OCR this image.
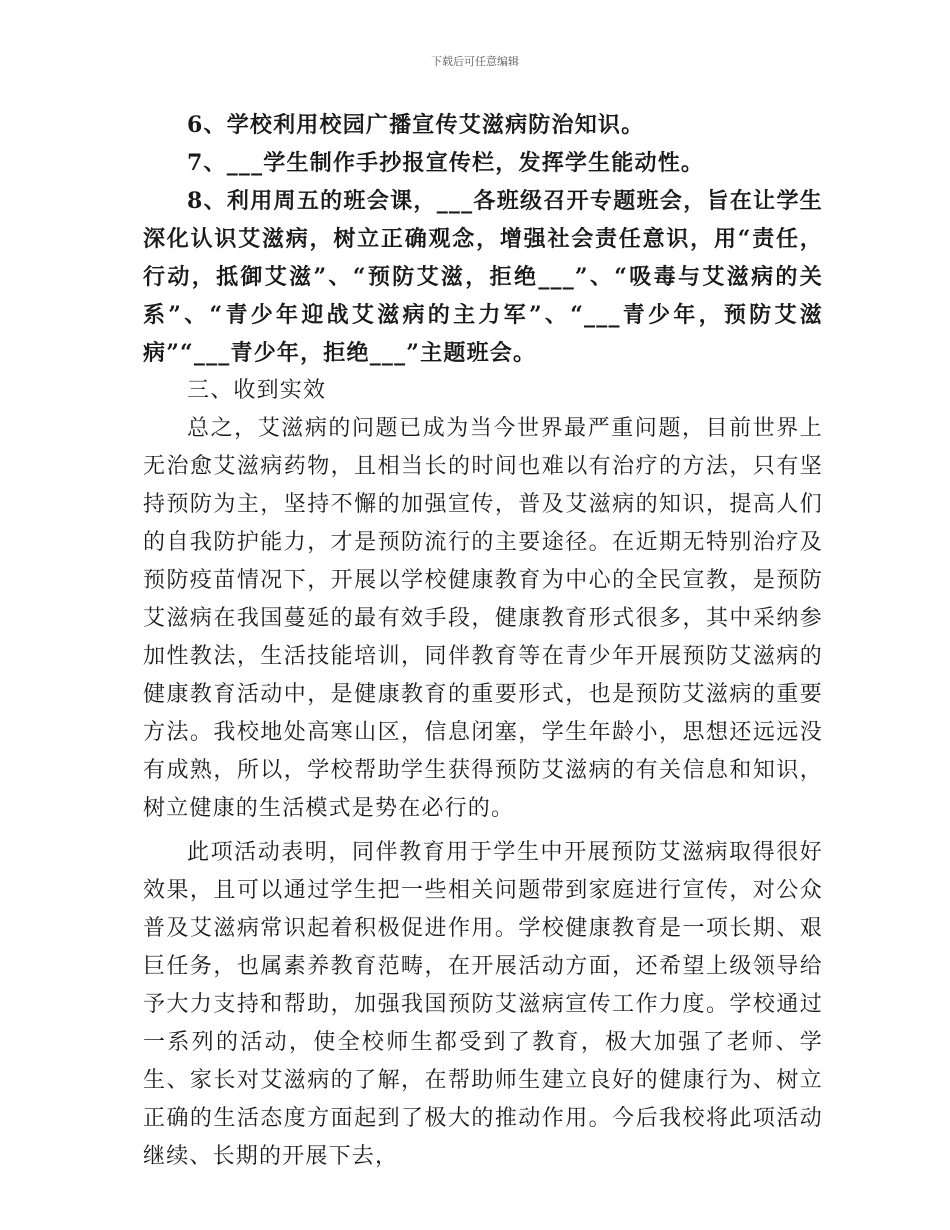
下载后可任意编辑

6、学校利用校园广播宣传艾滋病防治知识。

7、___学生制作手抄报宣传栏，发挥学生能动性。

8、利用周五的班会课，___各班级召开专题班会，旨在让学生深化认识艾滋病，树立正确观念，增强社会责任意识，用“责任，行动，抵御艾滋”、“预防艾滋，拒绝___”、“吸毒与艾滋病的关系”、“青少年迎战艾滋病的主力军”、“___青少年，预防艾滋病”“___青少年，拒绝___”主题班会。

三、收到实效

总之，艾滋病的问题已成为当今世界最严重问题，目前世界上无治愈艾滋病药物，且相当长的时间也难以有治疗的方法，只有坚持预防为主，坚持不懈的加强宣传，普及艾滋病的知识，提高人们的自我防护能力，才是预防流行的主要途径。在近期无特别治疗及预防疫苗情况下，开展以学校健康教育为中心的全民宣教，是预防艾滋病在我国蔓延的最有效手段，健康教育形式很多，其中采纳参加性教法，生活技能培训，同伴教育等在青少年开展预防艾滋病的健康教育活动中，是健康教育的重要形式，也是预防艾滋病的重要方法。我校地处高寒山区，信息闭塞，学生年龄小，思想还远远没有成熟，所以，学校帮助学生获得预防艾滋病的有关信息和知识，树立健康的生活模式是势在必行的。

此项活动表明，同伴教育用于学生中开展预防艾滋病取得很好效果，且可以通过学生把一些相关问题带到家庭进行宣传，对公众普及艾滋病常识起着积极促进作用。学校健康教育是一项长期、艰巨任务，也属素养教育范畴，在开展活动方面，还希望上级领导给予大力支持和帮助，加强我国预防艾滋病宣传工作力度。学校通过一系列的活动，使全校师生都受到了教育，极大加强了老师、学生、家长对艾滋病的了解，在帮助师生建立良好的健康行为、树立正确的生活态度方面起到了极大的推动作用。今后我校将此项活动继续、长期的开展下去，
